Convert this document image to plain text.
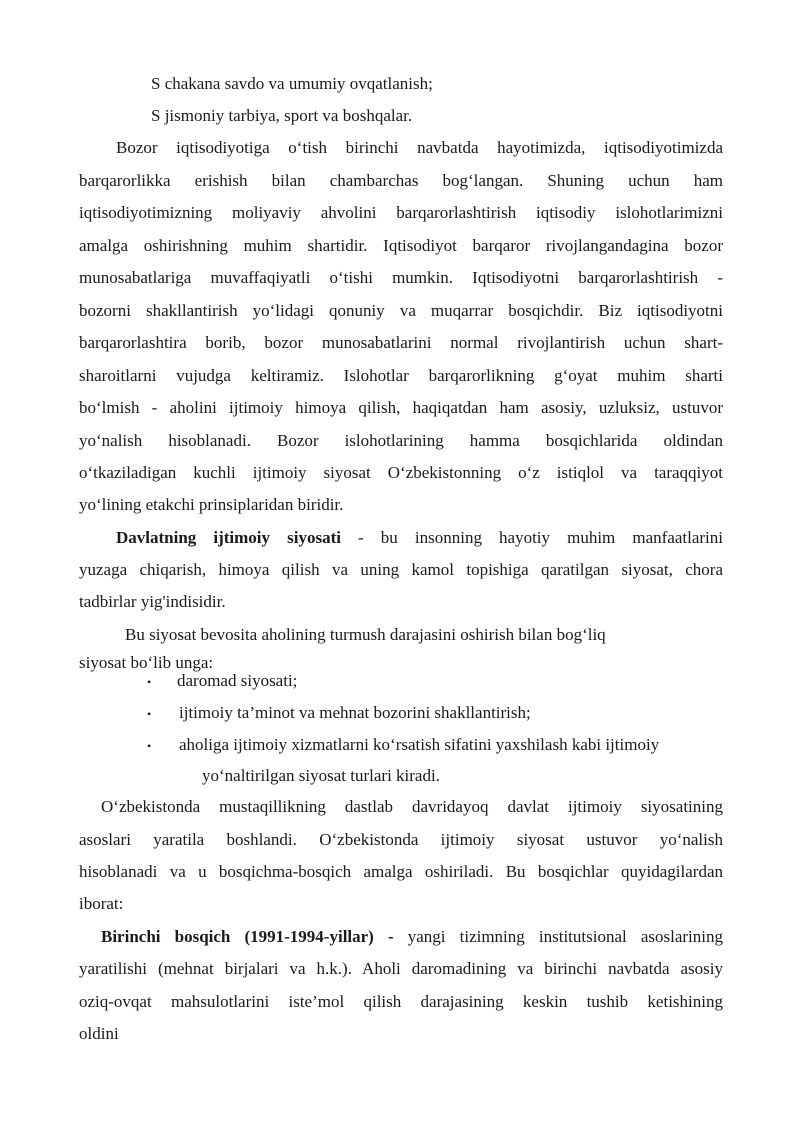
S chakana savdo va umumiy ovqatlanish;
S jismoniy tarbiya, sport va boshqalar.
Bozor iqtisodiyotiga o‘tish birinchi navbatda hayotimizda, iqtisodiyotimizda
barqarorlikka erishish bilan chambarchas bog‘langan. Shuning uchun ham
iqtisodiyotimizning moliyaviy ahvolini barqarorlashtirish iqtisodiy islohotlarimizni
amalga oshirishning muhim shartidir. Iqtisodiyot barqaror rivojlangandagina bozor
munosabatlariga muvaffaqiyatli o‘tishi mumkin. Iqtisodiyotni barqarorlashtirish -
bozorni shakllantirish yo‘lidagi qonuniy va muqarrar bosqichdir. Biz iqtisodiyotni
barqarorlashtira borib, bozor munosabatlarini normal rivojlantirish uchun shart-
sharoitlarni vujudga keltiramiz. Islohotlar barqarorlikning g‘oyat muhim sharti
bo‘lmish - aholini ijtimoiy himoya qilish, haqiqatdan ham asosiy, uzluksiz, ustuvor
yo‘nalish hisoblanadi. Bozor islohotlarining hamma bosqichlarida oldindan
o‘tkaziladigan kuchli ijtimoiy siyosat O‘zbekistonning o‘z istiqlol va taraqqiyot
yo‘lining etakchi prinsiplaridan biridir.
Davlatning ijtimoiy siyosati - bu insonning hayotiy muhim manfaatlarini
yuzaga chiqarish, himoya qilish va uning kamol topishiga qaratilgan siyosat, chora
tadbirlar yig'indisidir.
Bu siyosat bevosita aholining turmush darajasini oshirish bilan bog‘liq
siyosat bo‘lib unga:
• daromad siyosati;
• ijtimoiy ta’minot va mehnat bozorini shakllantirish;
• aholiga ijtimoiy xizmatlarni ko‘rsatish sifatini yaxshilash kabi ijtimoiy
yo‘naltirilgan siyosat turlari kiradi.
O‘zbekistonda mustaqillikning dastlab davridayoq davlat ijtimoiy siyosatining
asoslari yaratila boshlandi. O‘zbekistonda ijtimoiy siyosat ustuvor yo‘nalish
hisoblanadi va u bosqichma-bosqich amalga oshiriladi. Bu bosqichlar quyidagilardan
iborat:
Birinchi bosqich (1991-1994-yillar) - yangi tizimning institutsional asoslarining
yaratilishi (mehnat birjalari va h.k.). Aholi daromadining va birinchi navbatda asosiy
oziq-ovqat mahsulotlarini iste’mol qilish darajasining keskin tushib ketishining
oldini
